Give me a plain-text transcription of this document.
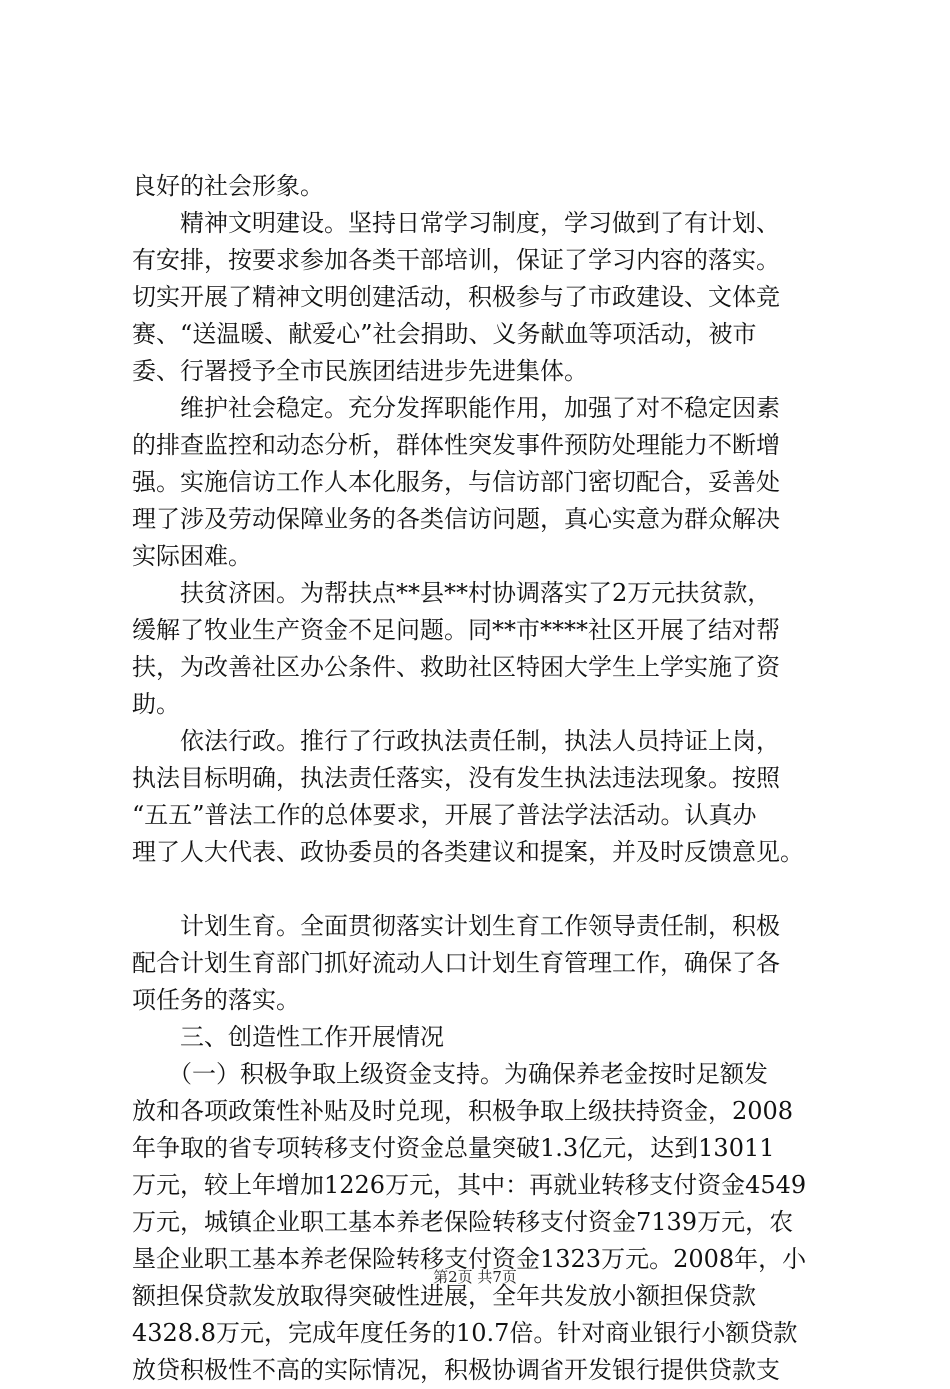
良好的社会形象。
　　精神文明建设。坚持日常学习制度，学习做到了有计划、
有安排，按要求参加各类干部培训，保证了学习内容的落实。
切实开展了精神文明创建活动，积极参与了市政建设、文体竞
赛、“送温暖、献爱心”社会捐助、义务献血等项活动，被市
委、行署授予全市民族团结进步先进集体。
　　维护社会稳定。充分发挥职能作用，加强了对不稳定因素
的排查监控和动态分析，群体性突发事件预防处理能力不断增
强。实施信访工作人本化服务，与信访部门密切配合，妥善处
理了涉及劳动保障业务的各类信访问题，真心实意为群众解决
实际困难。
　　扶贫济困。为帮扶点**县**村协调落实了2万元扶贫款，
缓解了牧业生产资金不足问题。同**市****社区开展了结对帮
扶，为改善社区办公条件、救助社区特困大学生上学实施了资
助。
　　依法行政。推行了行政执法责任制，执法人员持证上岗，
执法目标明确，执法责任落实，没有发生执法违法现象。按照
“五五”普法工作的总体要求，开展了普法学法活动。认真办
理了人大代表、政协委员的各类建议和提案，并及时反馈意见。
　　计划生育。全面贯彻落实计划生育工作领导责任制，积极
配合计划生育部门抓好流动人口计划生育管理工作，确保了各
项任务的落实。
　　三、创造性工作开展情况
　　（一）积极争取上级资金支持。为确保养老金按时足额发
放和各项政策性补贴及时兑现，积极争取上级扶持资金，2008
年争取的省专项转移支付资金总量突破1.3亿元，达到13011
万元，较上年增加1226万元，其中：再就业转移支付资金4549
万元，城镇企业职工基本养老保险转移支付资金7139万元，农
垦企业职工基本养老保险转移支付资金1323万元。2008年，小
额担保贷款发放取得突破性进展，全年共发放小额担保贷款
4328.8万元，完成年度任务的10.7倍。针对商业银行小额贷款
放贷积极性不高的实际情况，积极协调省开发银行提供贷款支
第2页 共7页
